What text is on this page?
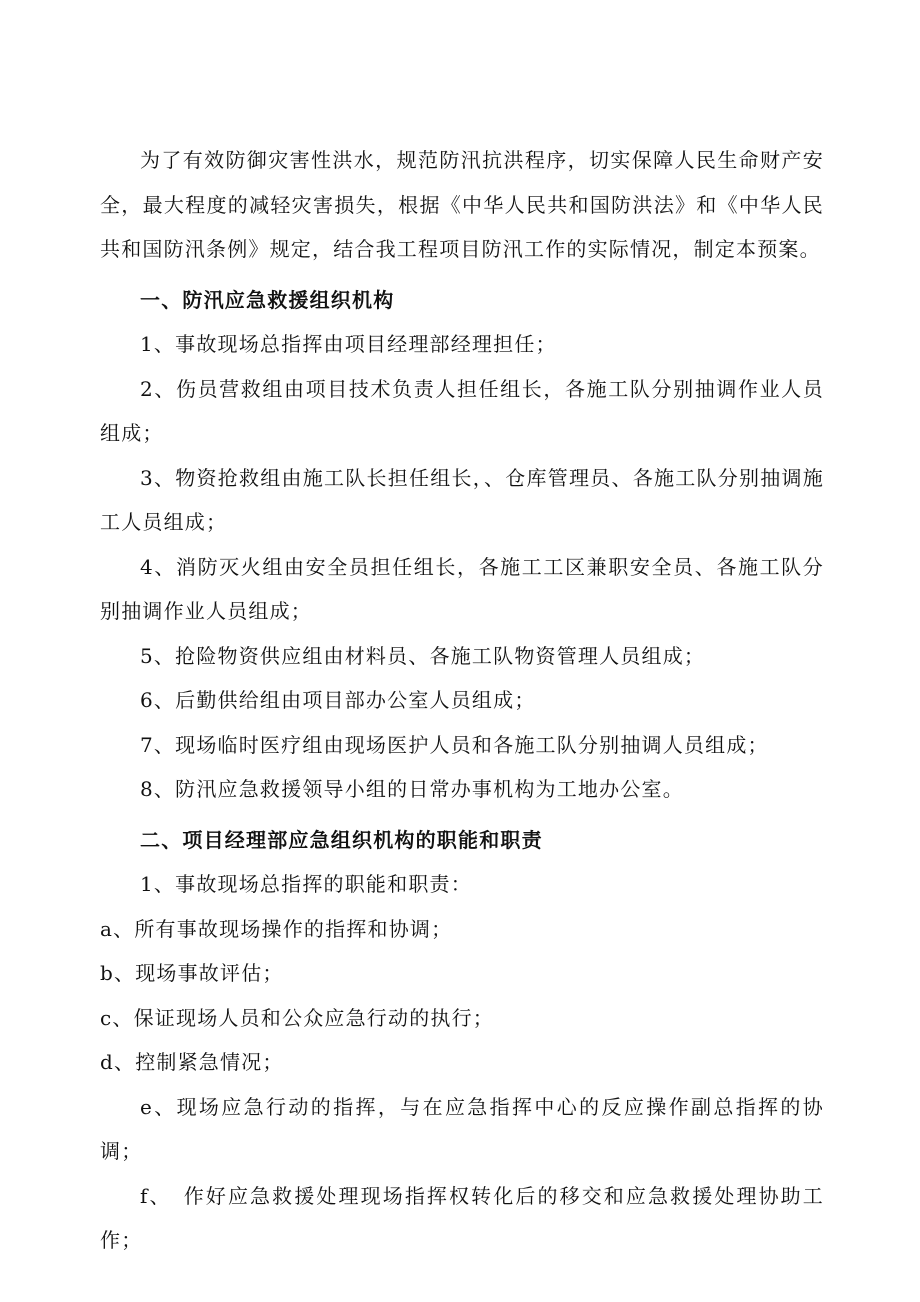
为了有效防御灾害性洪水，规范防汛抗洪程序，切实保障人民生命财产安全，最大程度的减轻灾害损失，根据《中华人民共和国防洪法》和《中华人民共和国防汛条例》规定，结合我工程项目防汛工作的实际情况，制定本预案。

一、防汛应急救援组织机构

1、事故现场总指挥由项目经理部经理担任；

2、伤员营救组由项目技术负责人担任组长，各施工队分别抽调作业人员组成；

3、物资抢救组由施工队长担任组长，、仓库管理员、各施工队分别抽调施工人员组成；

4、消防灭火组由安全员担任组长，各施工工区兼职安全员、各施工队分别抽调作业人员组成；

5、抢险物资供应组由材料员、各施工队物资管理人员组成；

6、后勤供给组由项目部办公室人员组成；

7、现场临时医疗组由现场医护人员和各施工队分别抽调人员组成；

8、防汛应急救援领导小组的日常办事机构为工地办公室。

二、项目经理部应急组织机构的职能和职责

1、事故现场总指挥的职能和职责：

a、所有事故现场操作的指挥和协调；

b、现场事故评估；

c、保证现场人员和公众应急行动的执行；

d、控制紧急情况；

e、现场应急行动的指挥，与在应急指挥中心的反应操作副总指挥的协调；

f、　作好应急救援处理现场指挥权转化后的移交和应急救援处理协助工作；
